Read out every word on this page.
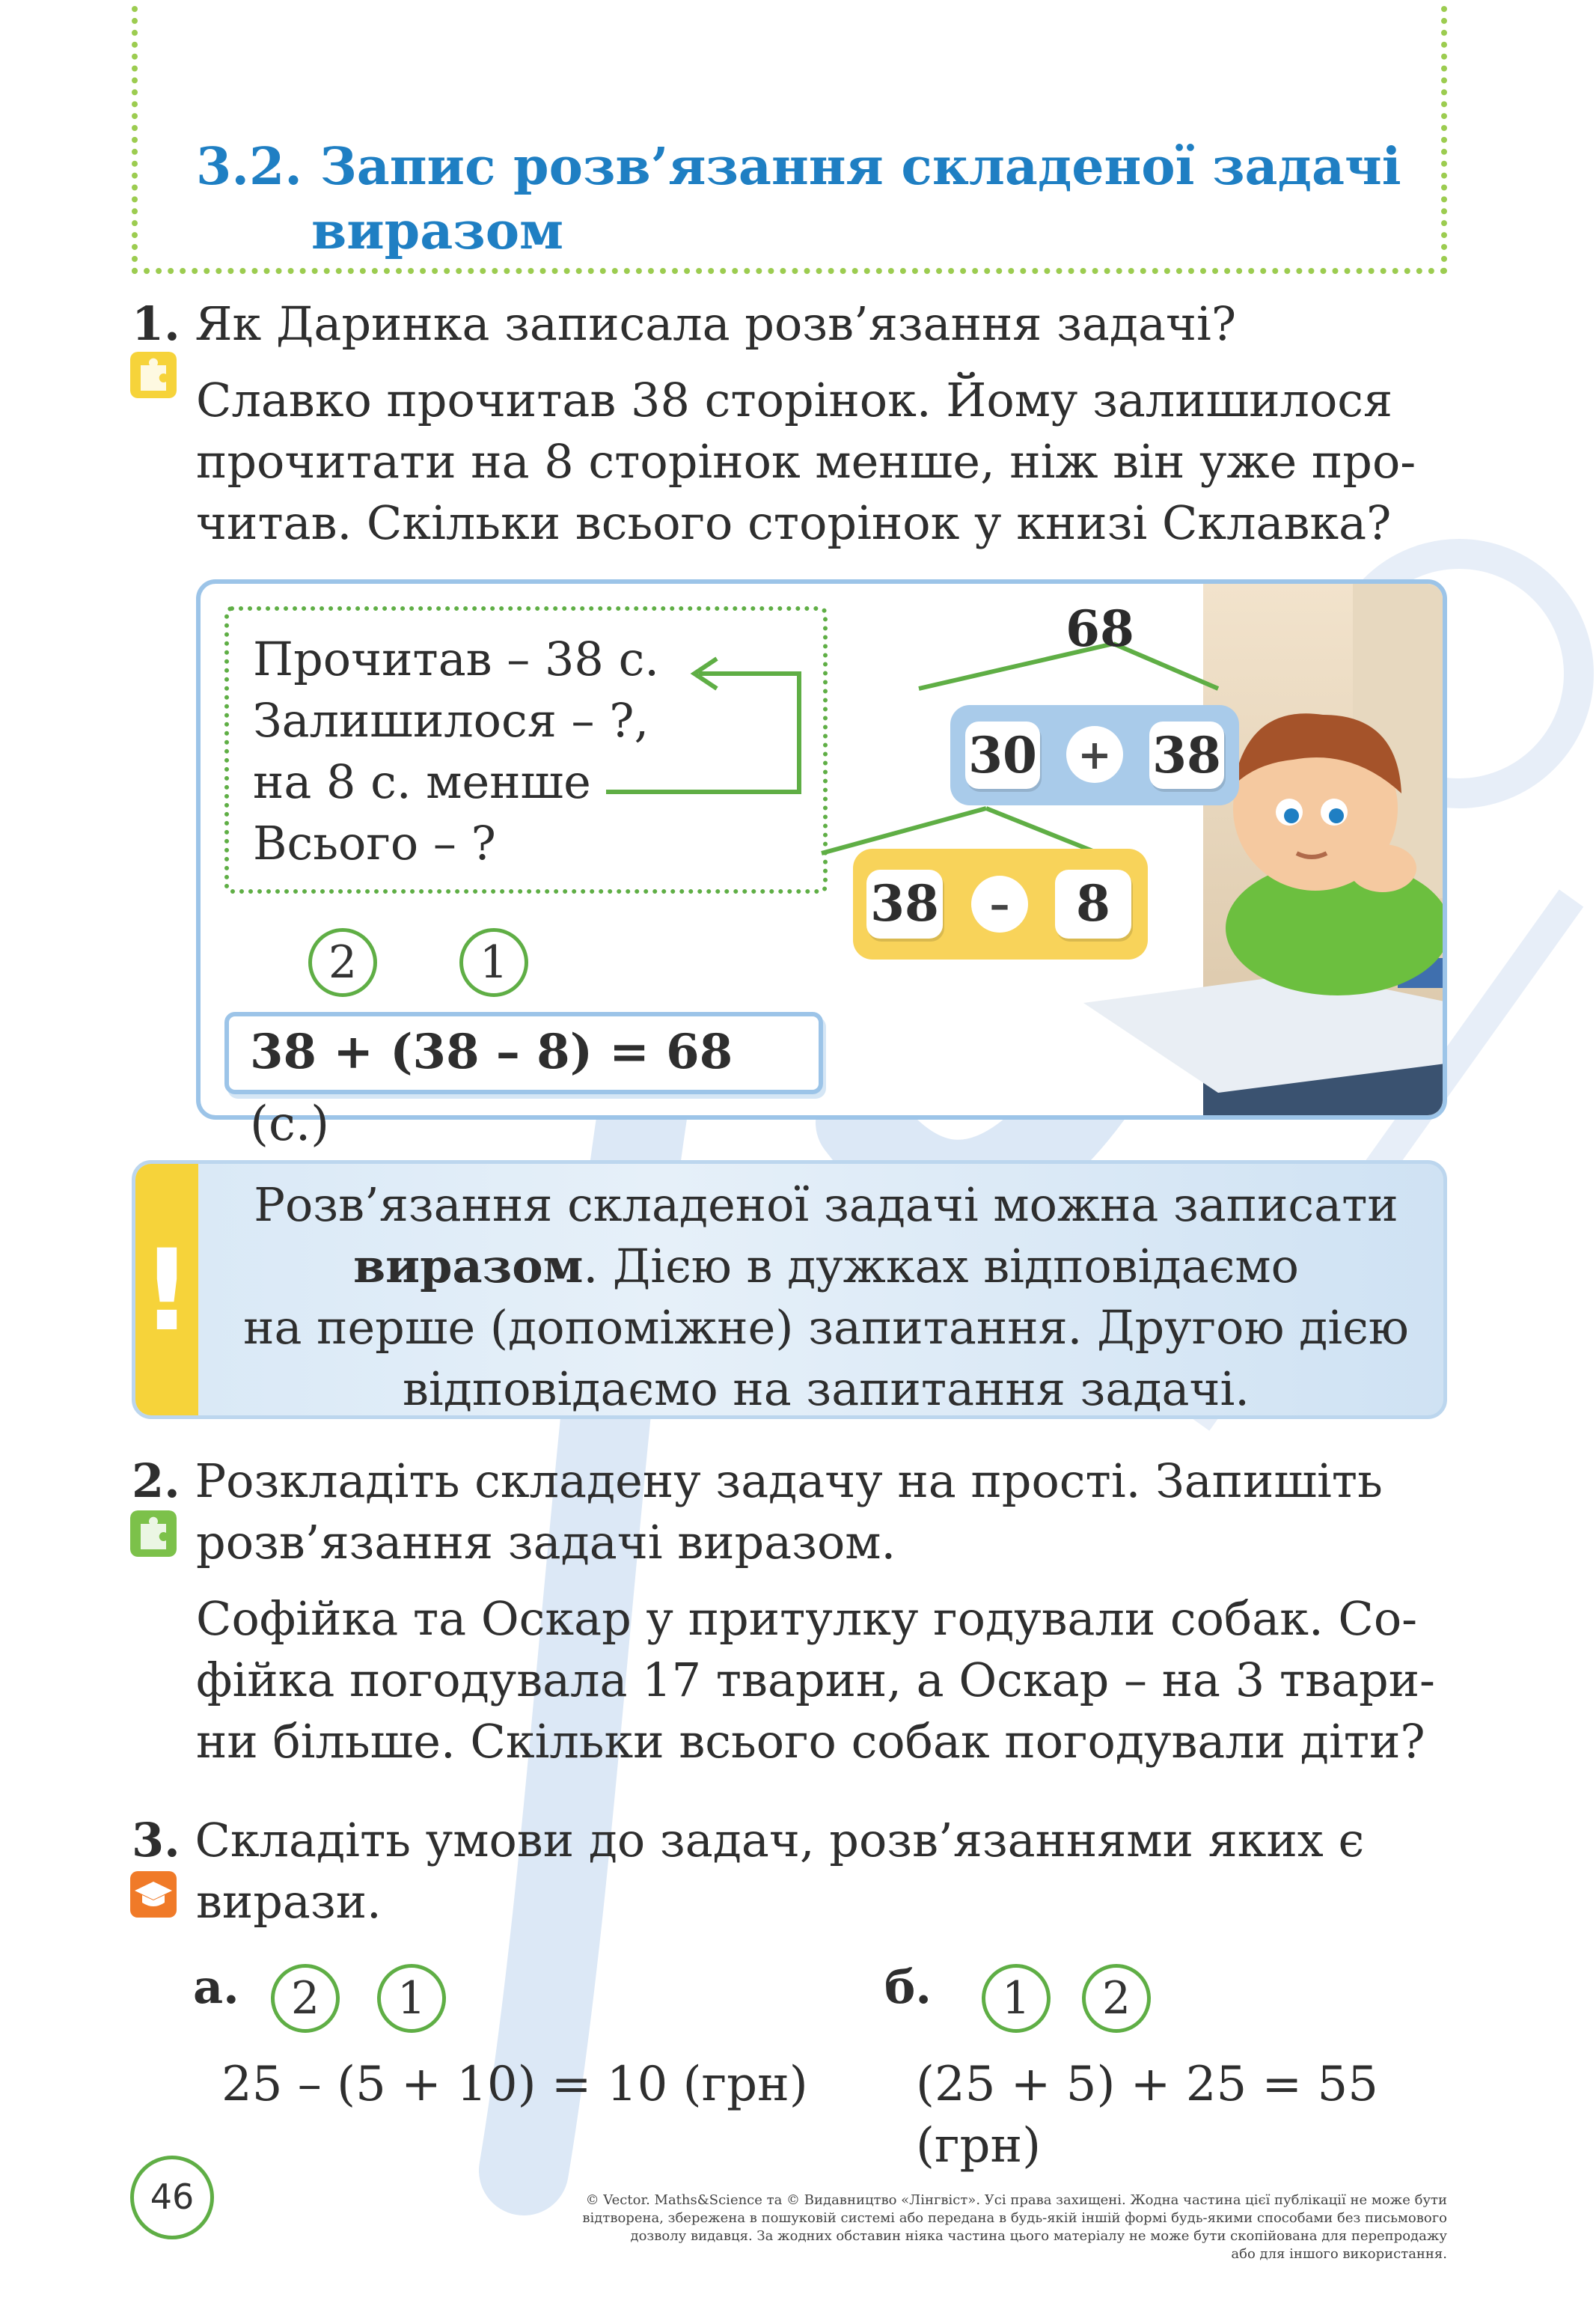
3.2. Запис розв’язання складеної задачі
виразом
1. Як Даринка записала розв’язання задачі?
Славко прочитав 38 сторінок. Йому залишилося
прочитати на 8 сторінок менше, ніж він уже про-
читав. Скільки всього сторінок у книзі Склавка?
Прочитав – 38 с.
Залишилося – ?,
на 8 с. менше
Всього – ?
2	1
38 + (38 – 8) = 68 (с.)
68
30 + 38
38	–	8
!
Розв’язання складеної задачі можна записати
виразом. Дією в дужках відповідаємо
на перше (допоміжне) запитання. Другою дією
відповідаємо на запитання задачі.
2. Розкладіть складену задачу на прості. Запишіть
розв’язання задачі виразом.
Софійка та Оскар у притулку годували собак. Со-
фійка погодувала 17 тварин, а Оскар – на 3 твари-
ни більше. Скільки всього собак погодували діти?
3. Складіть умови до задач, розв’язаннями яких є
вирази.
а.	2	1
25 – (5 + 10) = 10 (грн)
б.	1	2
(25 + 5) + 25 = 55 (грн)
46	© Vector. Maths&Science та © Видавництво «Лінгвіст». Усі права захищені. Жодна частина цієї публікації не може бути
відтворена, збережена в пошуковій системі або передана в будь-якій іншій формі будь-якими способами без письмового
дозволу видавця. За жодних обставин ніяка частина цього матеріалу не може бути скопійована для перепродажу
або для іншого використання.
